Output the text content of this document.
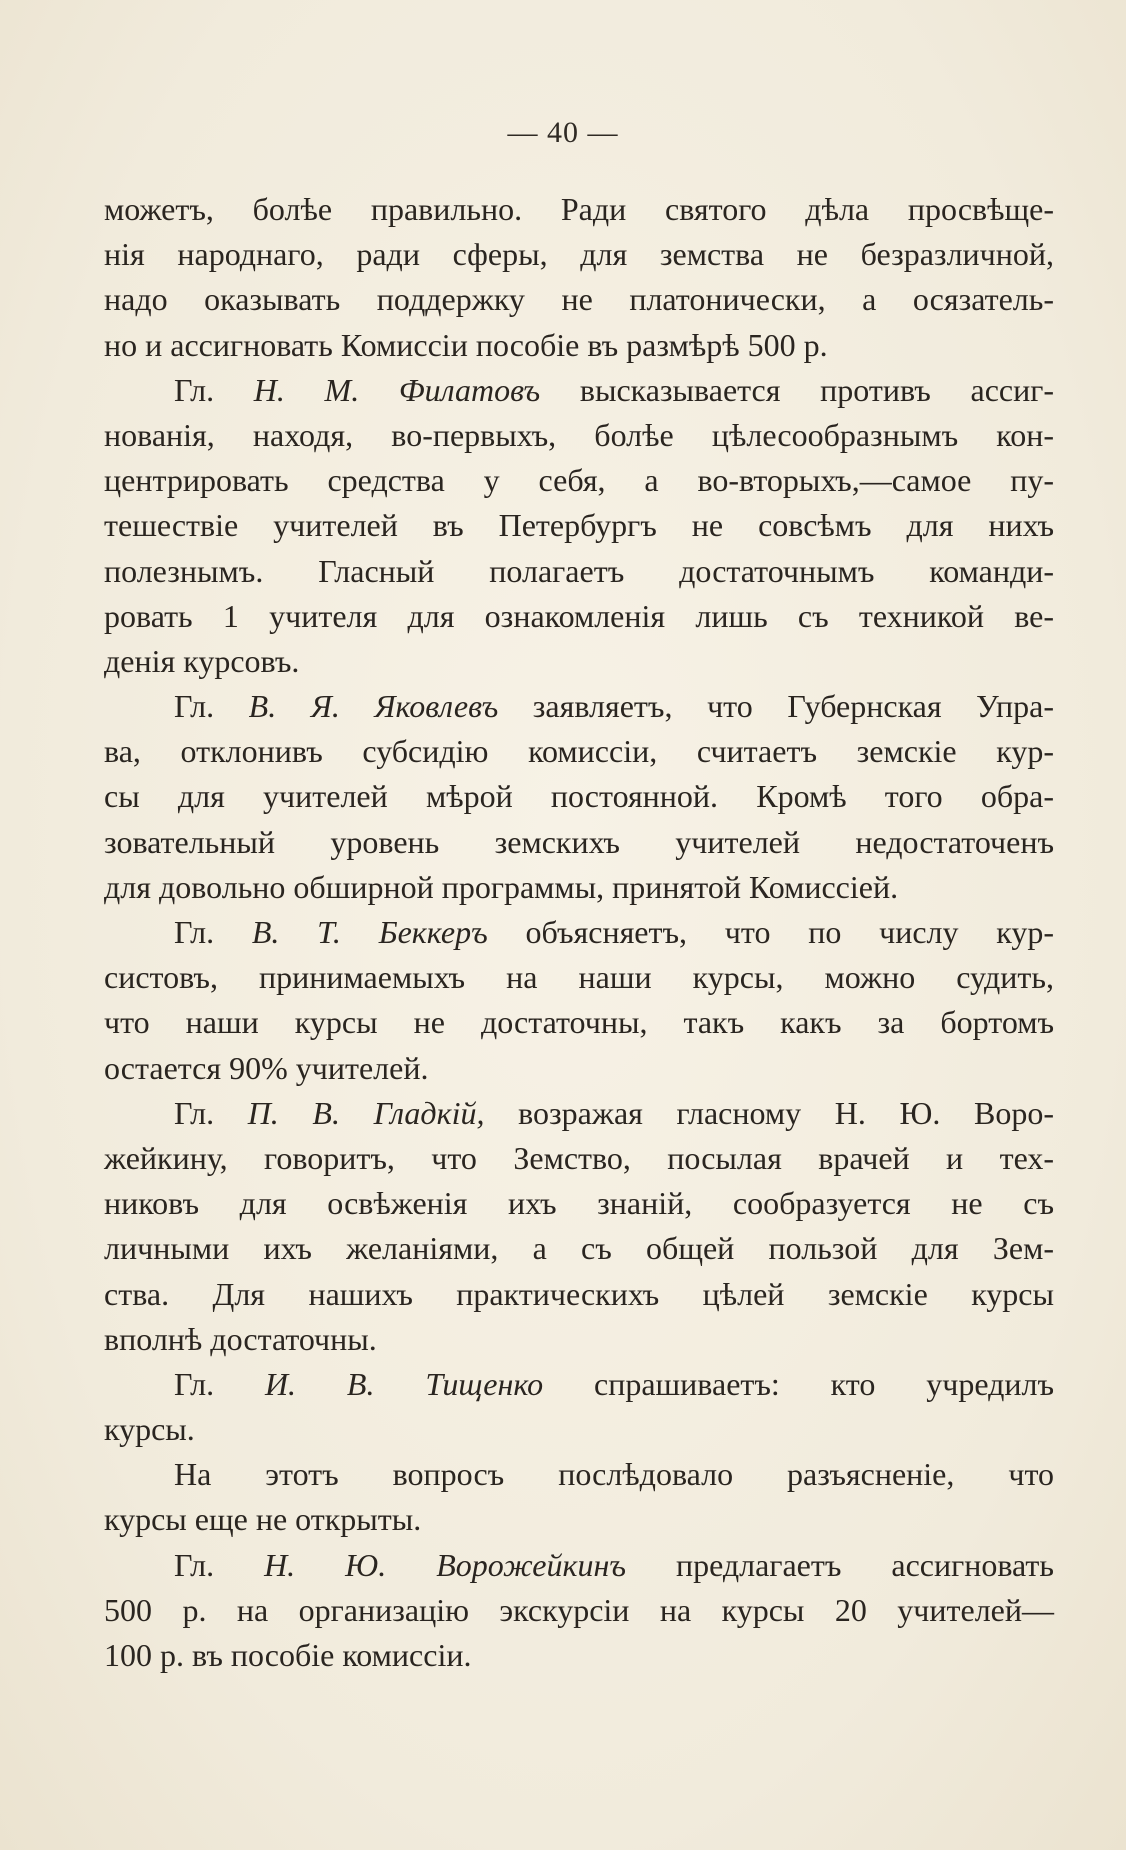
— 40 —
можетъ, болѣе правильно. Ради святого дѣла просвѣще-
нія народнаго, ради сферы, для земства не безразличной,
надо оказывать поддержку не платонически, а осязатель-
но и ассигновать Комиссіи пособіе въ размѣрѣ 500 р.
Гл. Н. М. Филатовъ высказывается противъ ассиг-
нованія, находя, во-первыхъ, болѣе цѣлесообразнымъ кон-
центрировать средства у себя, а во-вторыхъ,—самое пу-
тешествіе учителей въ Петербургъ не совсѣмъ для нихъ
полезнымъ. Гласный полагаетъ достаточнымъ команди-
ровать 1 учителя для ознакомленія лишь съ техникой ве-
денія курсовъ.
Гл. В. Я. Яковлевъ заявляетъ, что Губернская Упра-
ва, отклонивъ субсидію комиссіи, считаетъ земскіе кур-
сы для учителей мѣрой постоянной. Кромѣ того обра-
зовательный уровень земскихъ учителей недостаточенъ
для довольно обширной программы, принятой Комиссіей.
Гл. В. Т. Беккеръ объясняетъ, что по числу кур-
систовъ, принимаемыхъ на наши курсы, можно судить,
что наши курсы не достаточны, такъ какъ за бортомъ
остается 90% учителей.
Гл. П. В. Гладкій, возражая гласному Н. Ю. Воро-
жейкину, говоритъ, что Земство, посылая врачей и тех-
никовъ для освѣженія ихъ знаній, сообразуется не съ
личными ихъ желаніями, а съ общей пользой для Зем-
ства. Для нашихъ практическихъ цѣлей земскіе курсы
вполнѣ достаточны.
Гл. И. В. Тищенко спрашиваетъ: кто учредилъ
курсы.
На этотъ вопросъ послѣдовало разъясненіе, что
курсы еще не открыты.
Гл. Н. Ю. Ворожейкинъ предлагаетъ ассигновать
500 р. на организацію экскурсіи на курсы 20 учителей—
100 р. въ пособіе комиссіи.
